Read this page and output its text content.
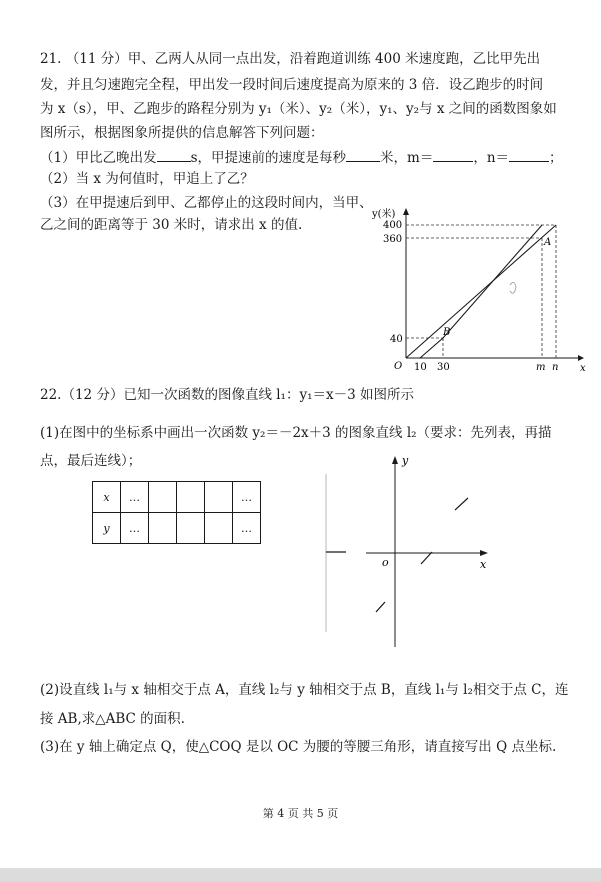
21. （11 分）甲、乙两人从同一点出发，沿着跑道训练 400 米速度跑，乙比甲先出
发，并且匀速跑完全程，甲出发一段时间后速度提高为原来的 3 倍．设乙跑步的时间
为 x（s），甲、乙跑步的路程分别为 y₁（米）、y₂（米），y₁、y₂与 x 之间的函数图象如
图所示，根据图象所提供的信息解答下列问题：
（1）甲比乙晚出发	s，甲提速前的速度是每秒	米，m＝	，n＝	；
（2）当 x 为何值时，甲追上了乙？
（3）在甲提速后到甲、乙都停止的这段时间内，当甲、
乙之间的距离等于 30 米时，请求出 x 的值.
y(米)
x
O
400
360
40
10 30	m n
A
B
22.（12 分）已知一次函数的图像直线 l₁：y₁＝x－3 如图所示
(1)在图中的坐标系中画出一次函数 y₂＝－2x＋3 的图象直线 l₂（要求：先列表，再描
点，最后连线）；
x	…				…
y	…				…
y
x
o
(2)设直线 l₁与 x 轴相交于点 A，直线 l₂与 y 轴相交于点 B，直线 l₁与 l₂相交于点 C，连
接 AB,求△ABC 的面积.
(3)在 y 轴上确定点 Q，使△COQ 是以 OC 为腰的等腰三角形，请直接写出 Q 点坐标.
第 4 页 共 5 页
